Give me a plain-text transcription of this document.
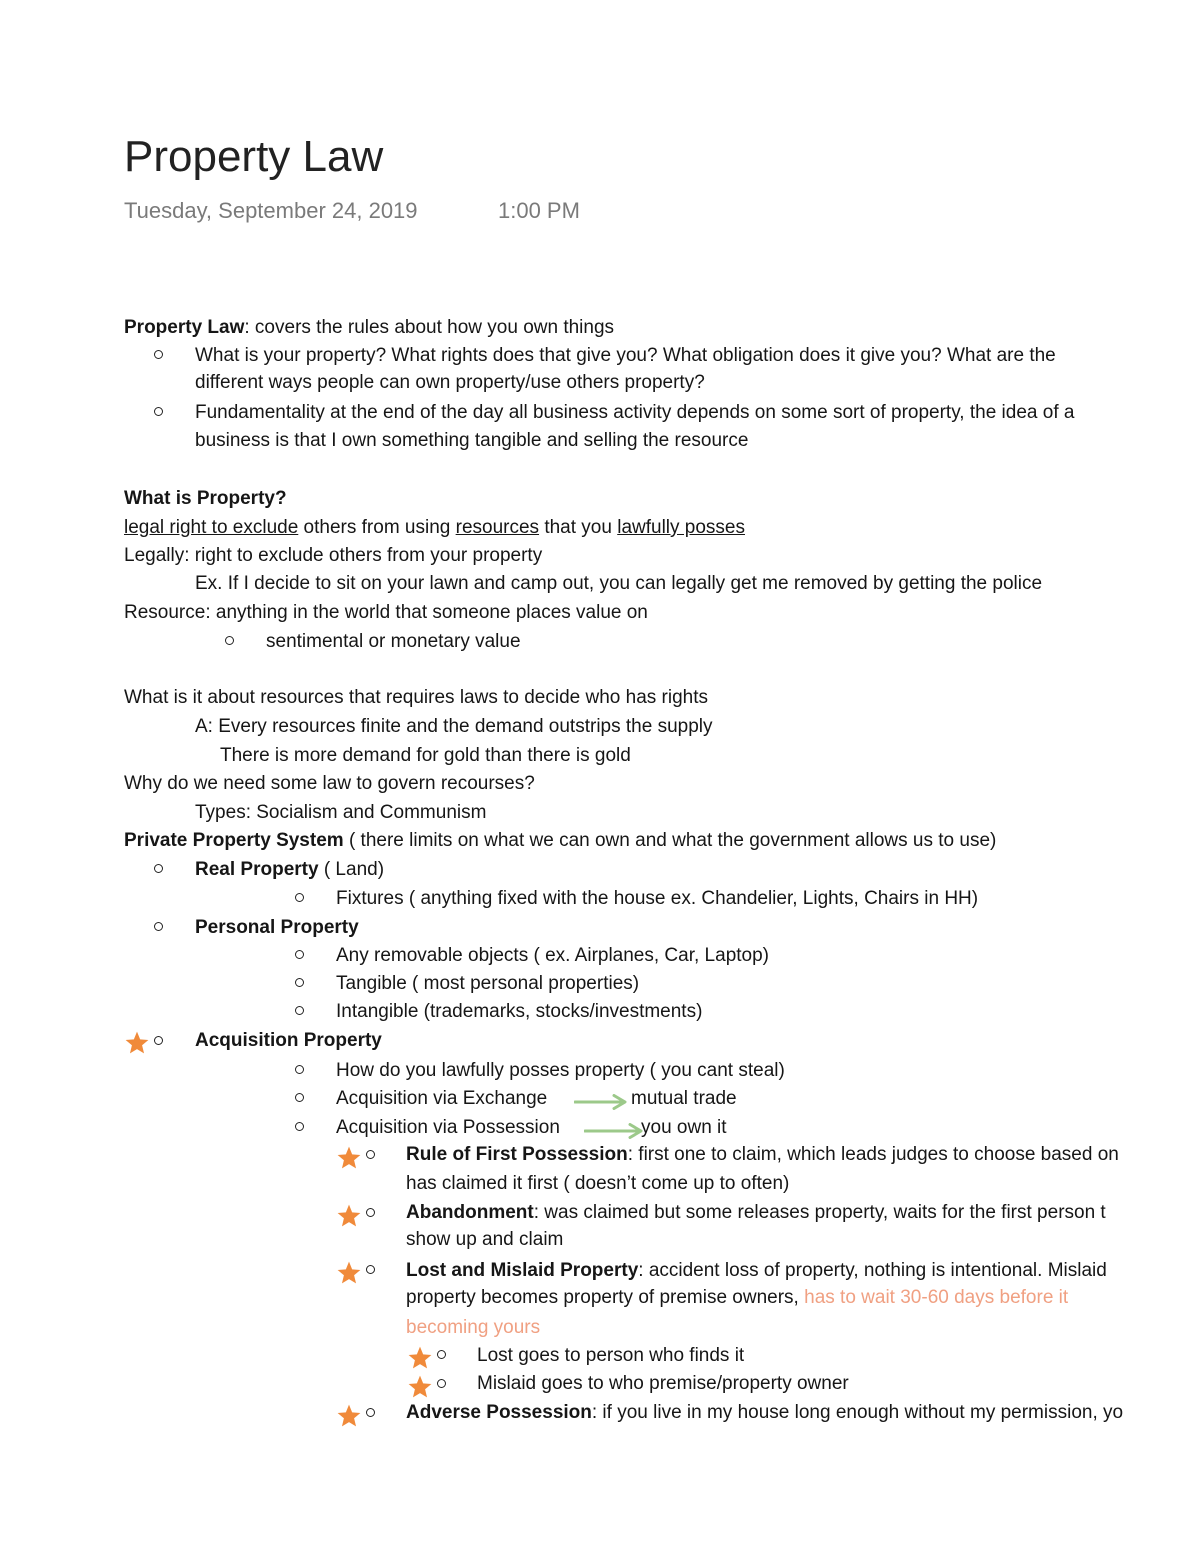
Property Law
Tuesday, September 24, 2019	1:00 PM
Property Law: covers the rules about how you own things
What is your property? What rights does that give you? What obligation does it give you? What are the
different ways people can own property/use others property?
Fundamentality at the end of the day all business activity depends on some sort of property, the idea of a
business is that I own something tangible and selling the resource
What is Property?
legal right to exclude others from using resources that you lawfully posses
Legally: right to exclude others from your property
Ex. If I decide to sit on your lawn and camp out, you can legally get me removed by getting the police
Resource: anything in the world that someone places value on
sentimental or monetary value
What is it about resources that requires laws to decide who has rights
A: Every resources finite and the demand outstrips the supply
There is more demand for gold than there is gold
Why do we need some law to govern recourses?
Types: Socialism and Communism
Private Property System ( there limits on what we can own and what the government allows us to use)
Real Property ( Land)
Fixtures ( anything fixed with the house ex. Chandelier, Lights, Chairs in HH)
Personal Property
Any removable objects ( ex. Airplanes, Car, Laptop)
Tangible ( most personal properties)
Intangible (trademarks, stocks/investments)
Acquisition Property
How do you lawfully posses property ( you cant steal)
Acquisition via Exchange	mutual trade
Acquisition via Possession	you own it
Rule of First Possession: first one to claim, which leads judges to choose based on
has claimed it first ( doesn’t come up to often)
Abandonment: was claimed but some releases property, waits for the first person t
show up and claim
Lost and Mislaid Property: accident loss of property, nothing is intentional. Mislaid
property becomes property of premise owners, has to wait 30-60 days before it
becoming yours
Lost goes to person who finds it
Mislaid goes to who premise/property owner
Adverse Possession: if you live in my house long enough without my permission, yo
